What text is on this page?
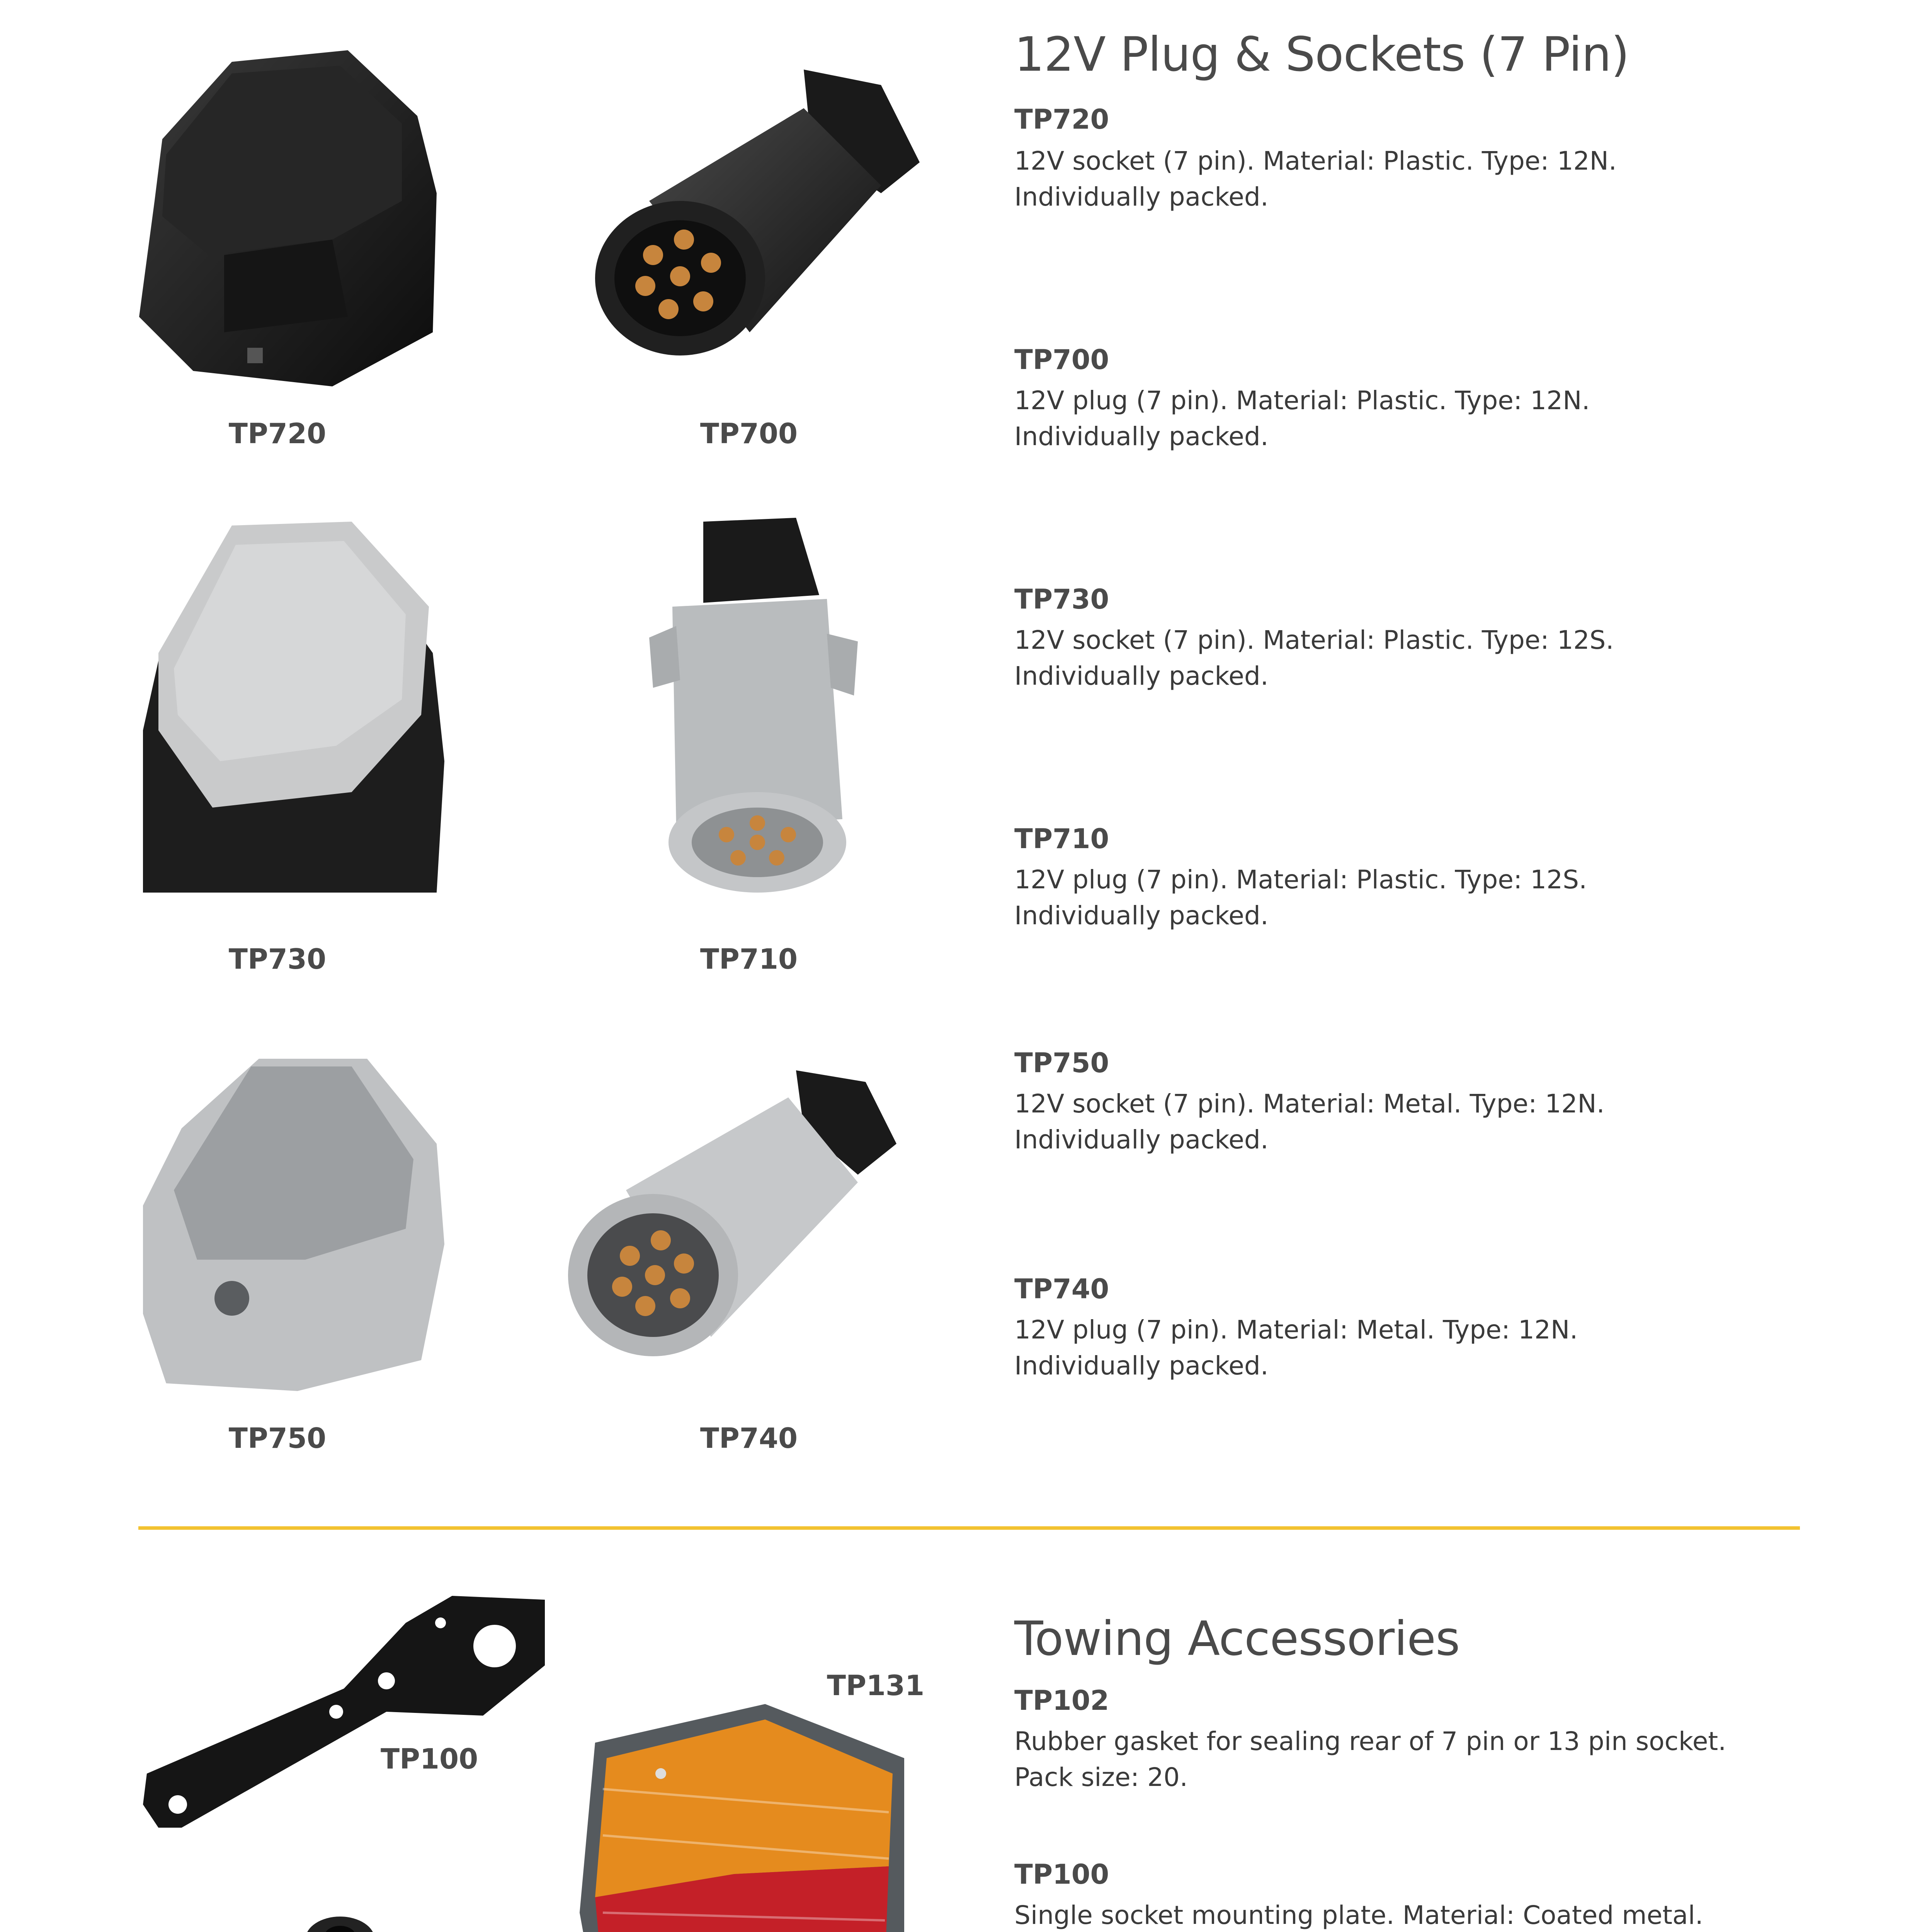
TP720	TP700
TP730	TP710
TP750	TP740
12V Plug & Sockets (7 Pin)
TP720
12V socket (7 pin). Material: Plastic. Type: 12N.
Individually packed.
TP700
12V plug (7 pin). Material: Plastic. Type: 12N.
Individually packed.
TP730
12V socket (7 pin). Material: Plastic. Type: 12S.
Individually packed.
TP710
12V plug (7 pin). Material: Plastic. Type: 12S.
Individually packed.
TP750
12V socket (7 pin). Material: Metal. Type: 12N.
Individually packed.
TP740
12V plug (7 pin). Material: Metal. Type: 12N.
Individually packed.
TP100
TP131
Towing Accessories
TP102
Rubber gasket for sealing rear of 7 pin or 13 pin socket.
Pack size: 20.
TP100
Single socket mounting plate. Material: Coated metal.
